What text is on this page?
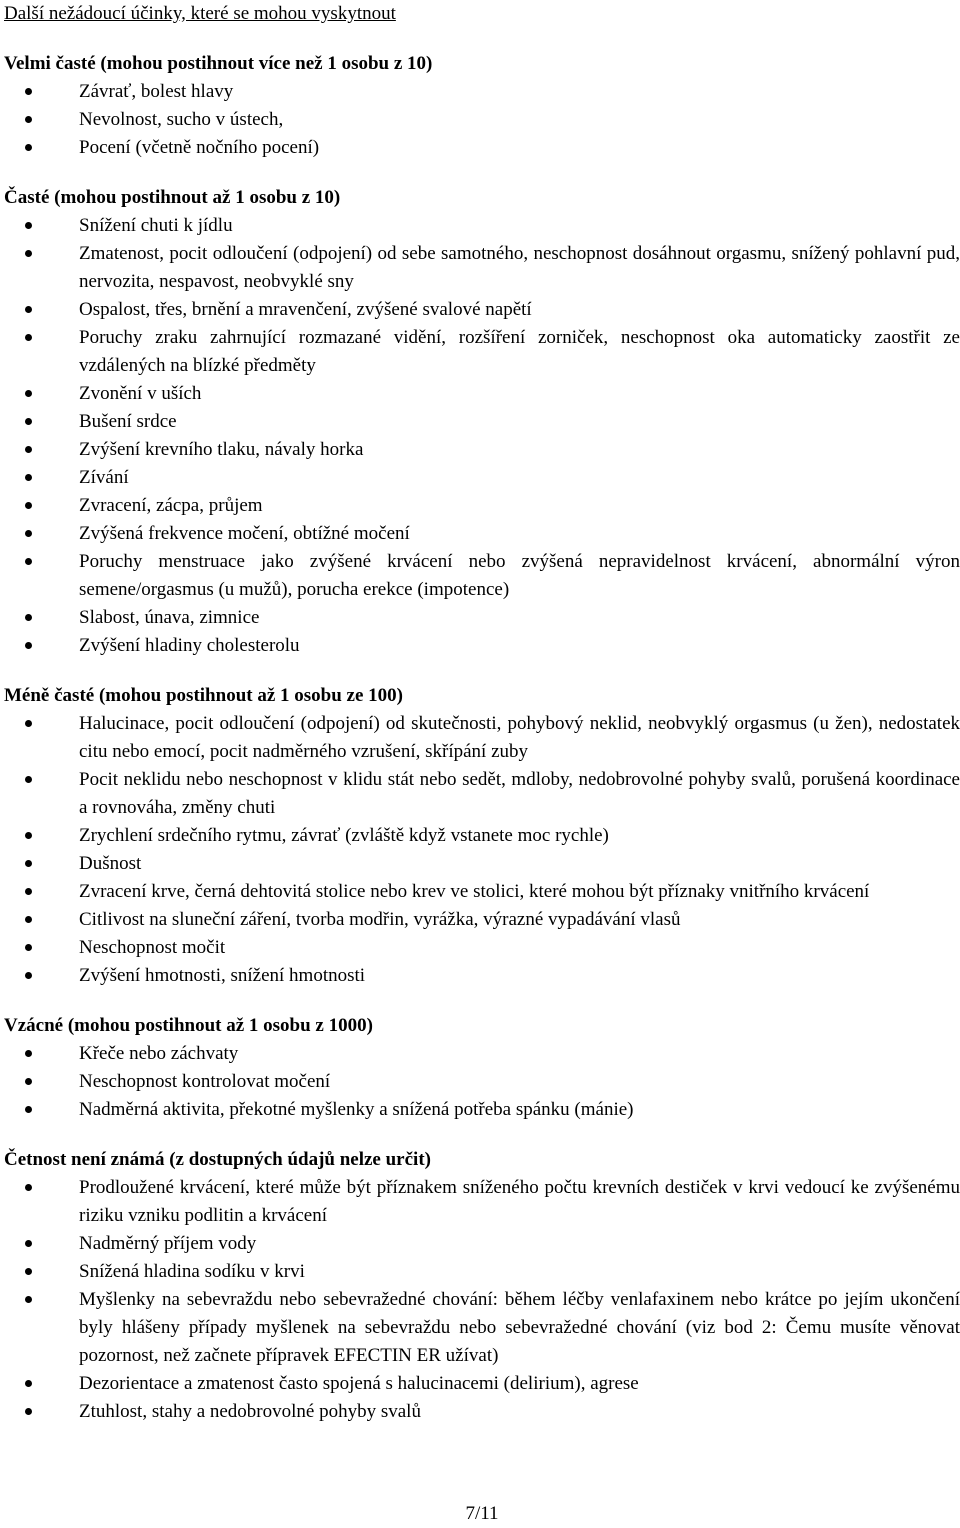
Další nežádoucí účinky, které se mohou vyskytnout
Velmi časté (mohou postihnout více než 1 osobu z 10)
Závrať, bolest hlavy
Nevolnost, sucho v ústech,
Pocení (včetně nočního pocení)
Časté (mohou postihnout až 1 osobu z 10)
Snížení chuti k jídlu
Zmatenost, pocit odloučení (odpojení) od sebe samotného, neschopnost dosáhnout orgasmu, snížený pohlavní pud, nervozita, nespavost, neobvyklé sny
Ospalost, třes, brnění a mravenčení, zvýšené svalové napětí
Poruchy zraku zahrnující rozmazané vidění, rozšíření zorniček, neschopnost oka automaticky zaostřit ze vzdálených na blízké předměty
Zvonění v uších
Bušení srdce
Zvýšení krevního tlaku, návaly horka
Zívání
Zvracení, zácpa, průjem
Zvýšená frekvence močení, obtížné močení
Poruchy menstruace jako zvýšené krvácení nebo zvýšená nepravidelnost krvácení, abnormální výron semene/orgasmus (u mužů), porucha erekce (impotence)
Slabost, únava, zimnice
Zvýšení hladiny cholesterolu
Méně časté (mohou postihnout až 1 osobu ze 100)
Halucinace, pocit odloučení (odpojení) od skutečnosti, pohybový neklid, neobvyklý orgasmus (u žen), nedostatek citu nebo emocí, pocit nadměrného vzrušení, skřípání zuby
Pocit neklidu nebo neschopnost v klidu stát nebo sedět, mdloby, nedobrovolné pohyby svalů, porušená koordinace a rovnováha, změny chuti
Zrychlení srdečního rytmu, závrať (zvláště když vstanete moc rychle)
Dušnost
Zvracení krve, černá dehtovitá stolice nebo krev ve stolici, které mohou být příznaky vnitřního krvácení
Citlivost na sluneční záření, tvorba modřin, vyrážka, výrazné vypadávání vlasů
Neschopnost močit
Zvýšení hmotnosti, snížení hmotnosti
Vzácné (mohou postihnout až 1 osobu z 1000)
Křeče nebo záchvaty
Neschopnost kontrolovat močení
Nadměrná aktivita, překotné myšlenky a snížená potřeba spánku (mánie)
Četnost není známá (z dostupných údajů nelze určit)
Prodloužené krvácení, které může být příznakem sníženého počtu krevních destiček v krvi vedoucí ke zvýšenému riziku vzniku podlitin a krvácení
Nadměrný příjem vody
Snížená hladina sodíku v krvi
Myšlenky na sebevraždu nebo sebevražedné chování: během léčby venlafaxinem nebo krátce po jejím ukončení byly hlášeny případy myšlenek na sebevraždu nebo sebevražedné chování (viz bod 2: Čemu musíte věnovat pozornost, než začnete přípravek EFECTIN ER užívat)
Dezorientace a zmatenost často spojená s halucinacemi (delirium), agrese
Ztuhlost, stahy a nedobrovolné pohyby svalů
7/11
